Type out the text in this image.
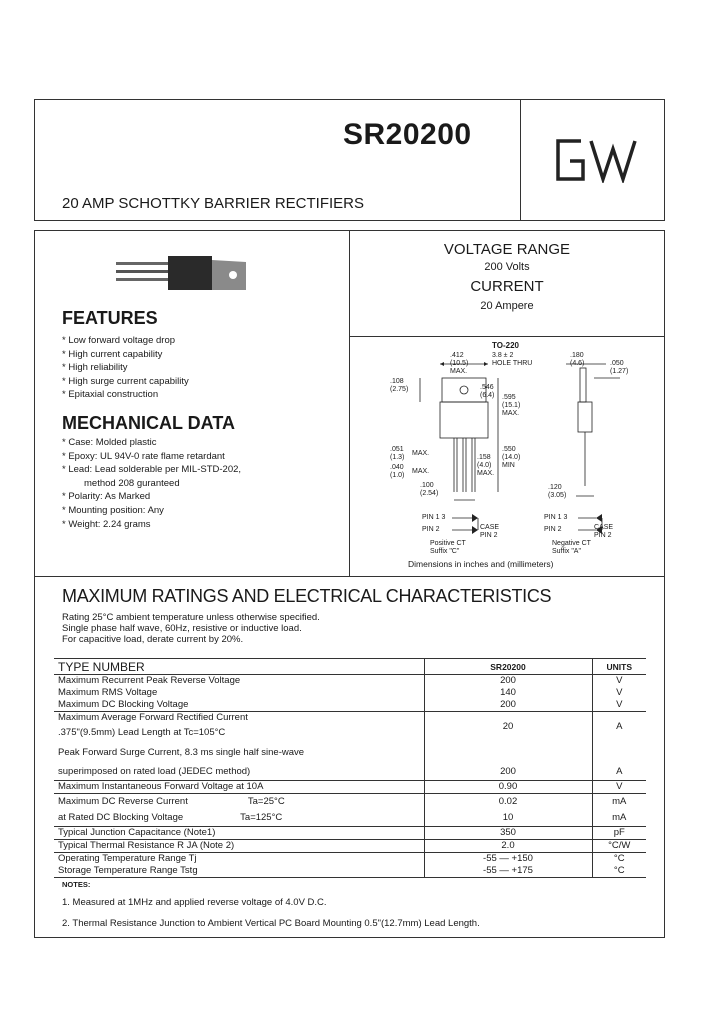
SR20200
20 AMP SCHOTTKY BARRIER RECTIFIERS
VOLTAGE RANGE
200 Volts
CURRENT
20 Ampere
FEATURES
* Low forward voltage drop
* High current capability
* High reliability
* High surge current capability
* Epitaxial construction
MECHANICAL DATA
* Case: Molded plastic
* Epoxy: UL 94V-0 rate flame retardant
* Lead: Lead solderable per MIL-STD-202,
method 208 guranteed
* Polarity: As Marked
* Mounting position: Any
* Weight: 2.24 grams
TO-220
.412
(10.5)
MAX.
3.8 ± 2
HOLE THRU
.180
(4.6)	.050
(1.27)
.108
(2.75)	.546
(6.4) .595
(15.1)
MAX.
.051
(1.3)
MAX.
.040
(1.0)
MAX.
.550
(14.0)
MIN
.158
(4.0)
MAX.
.100
(2.54)
.120
(3.05)
PIN 1 3
PIN 2	CASE
PIN 2
Positive CT
Suffix "C"
PIN 1 3
PIN 2	CASE
PIN 2
Negative CT
Suffix "A"
Dimensions in inches and (millimeters)
MAXIMUM RATINGS AND ELECTRICAL CHARACTERISTICS
Rating 25°C ambient temperature unless otherwise specified.
Single phase half wave, 60Hz, resistive or inductive load.
For capacitive load, derate current by 20%.
TYPE NUMBER	SR20200	UNITS
Maximum Recurrent Peak Reverse Voltage	200	V
Maximum RMS Voltage	140	V
Maximum DC Blocking Voltage	200	V
Maximum Average Forward Rectified Current	20	A
.375"(9.5mm) Lead Length at Tc=105°C		
Peak Forward Surge Current, 8.3 ms single half sine-wave		
superimposed on rated load (JEDEC method)	200	A
Maximum Instantaneous Forward Voltage at 10A	0.90	V
Maximum DC Reverse Current Ta=25°C	0.02	mA
at Rated DC Blocking Voltage Ta=125°C	10	mA
Typical Junction Capacitance (Note1)	350	pF
Typical Thermal Resistance R JA (Note 2)	2.0	°C/W
Operating Temperature Range Tj	-55 — +150	°C
Storage Temperature Range Tstg	-55 — +175	°C
NOTES:
1. Measured at 1MHz and applied reverse voltage of 4.0V D.C.
2. Thermal Resistance Junction to Ambient Vertical PC Board Mounting 0.5"(12.7mm) Lead Length.
